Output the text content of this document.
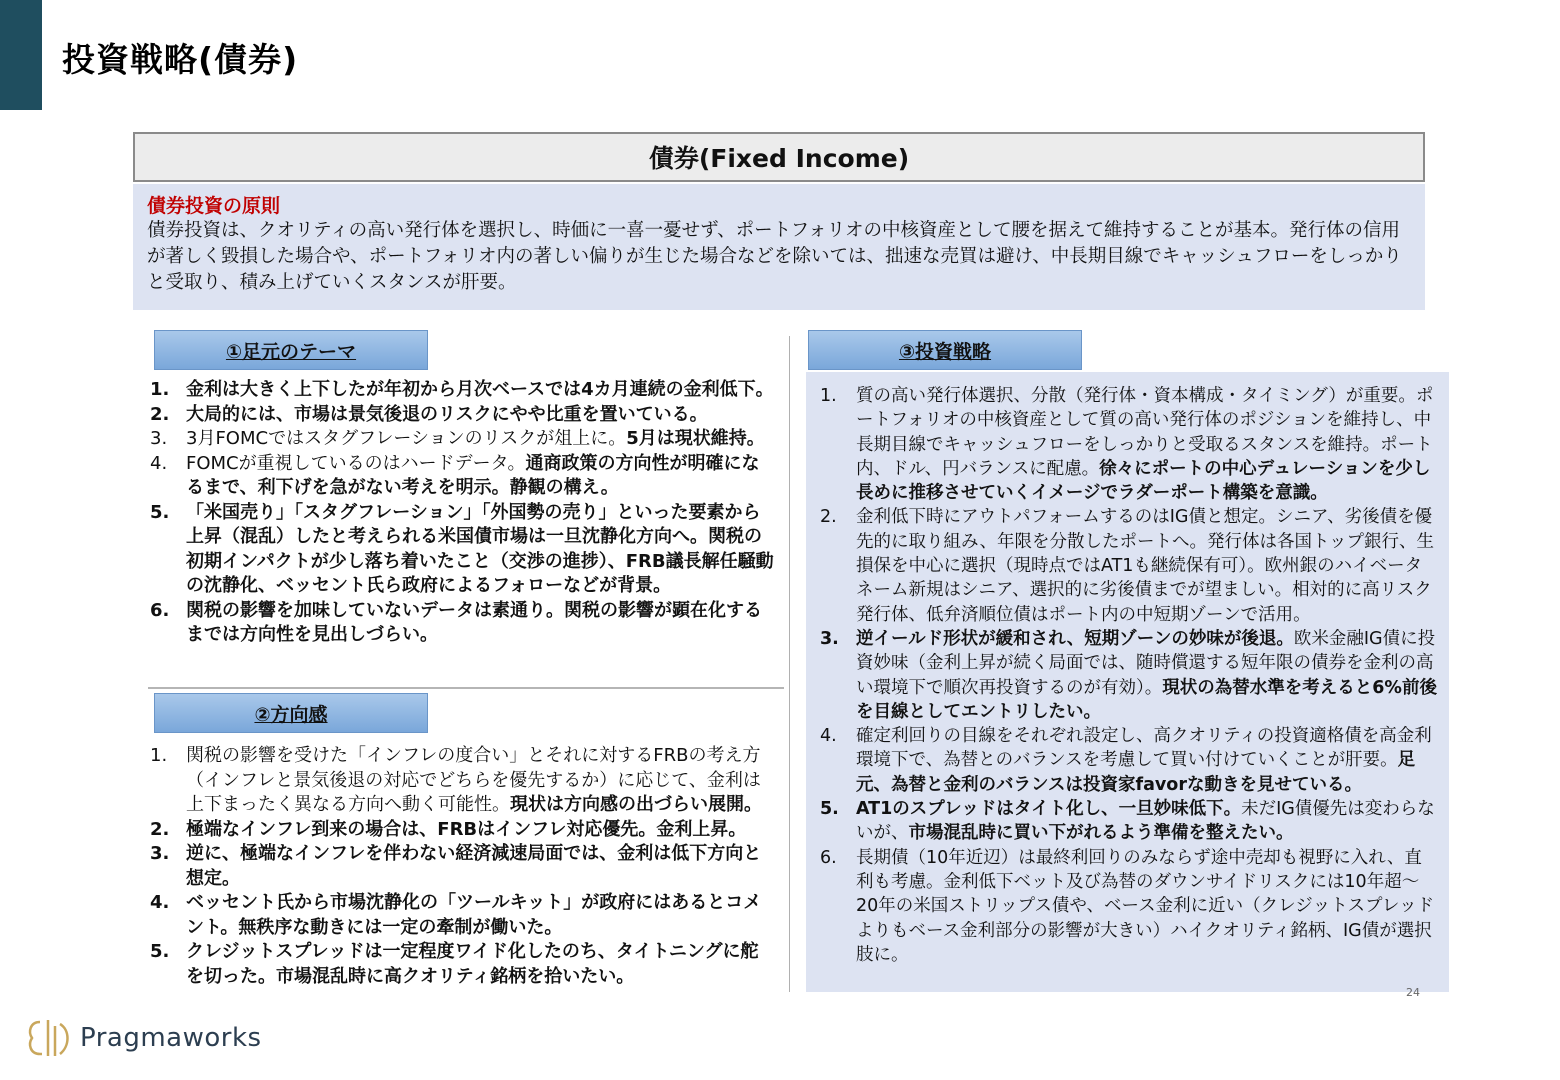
投資戦略(債券)
債券(Fixed Income)
債券投資の原則
債券投資は、クオリティの高い発行体を選択し、時価に一喜一憂せず、ポートフォリオの中核資産として腰を据えて維持することが基本。発行体の信用が著しく毀損した場合や、ポートフォリオ内の著しい偏りが生じた場合などを除いては、拙速な売買は避け、中長期目線でキャッシュフローをしっかりと受取り、積み上げていくスタンスが肝要。
①足元のテーマ
②方向感
③投資戦略
1. 金利は大きく上下したが年初から月次ベースでは4カ月連続の金利低下。
2. 大局的には、市場は景気後退のリスクにやや比重を置いている。
3. 3月FOMCではスタグフレーションのリスクが俎上に。5月は現状維持。
4. FOMCが重視しているのはハードデータ。通商政策の方向性が明確になるまで、利下げを急がない考えを明示。静観の構え。
5. 「米国売り」「スタグフレーション」「外国勢の売り」といった要素から上昇（混乱）したと考えられる米国債市場は一旦沈静化方向へ。関税の初期インパクトが少し落ち着いたこと（交渉の進捗）、FRB議長解任騒動の沈静化、ベッセント氏ら政府によるフォローなどが背景。
6. 関税の影響を加味していないデータは素通り。関税の影響が顕在化するまでは方向性を見出しづらい。
1. 関税の影響を受けた「インフレの度合い」とそれに対するFRBの考え方（インフレと景気後退の対応でどちらを優先するか）に応じて、金利は上下まったく異なる方向へ動く可能性。現状は方向感の出づらい展開。
2. 極端なインフレ到来の場合は、FRBはインフレ対応優先。金利上昇。
3. 逆に、極端なインフレを伴わない経済減速局面では、金利は低下方向と想定。
4. ベッセント氏から市場沈静化の「ツールキット」が政府にはあるとコメント。無秩序な動きには一定の牽制が働いた。
5. クレジットスプレッドは一定程度ワイド化したのち、タイトニングに舵を切った。市場混乱時に高クオリティ銘柄を拾いたい。
1. 質の高い発行体選択、分散（発行体・資本構成・タイミング）が重要。ポートフォリオの中核資産として質の高い発行体のポジションを維持し、中長期目線でキャッシュフローをしっかりと受取るスタンスを維持。ポート内、ドル、円バランスに配慮。徐々にポートの中心デュレーションを少し長めに推移させていくイメージでラダーポート構築を意識。
2. 金利低下時にアウトパフォームするのはIG債と想定。シニア、劣後債を優先的に取り組み、年限を分散したポートへ。発行体は各国トップ銀行、生損保を中心に選択（現時点ではAT1も継続保有可）。欧州銀のハイベータネーム新規はシニア、選択的に劣後債までが望ましい。相対的に高リスク発行体、低弁済順位債はポート内の中短期ゾーンで活用。
3. 逆イールド形状が緩和され、短期ゾーンの妙味が後退。欧米金融IG債に投資妙味（金利上昇が続く局面では、随時償還する短年限の債券を金利の高い環境下で順次再投資するのが有効）。現状の為替水準を考えると6%前後を目線としてエントリしたい。
4. 確定利回りの目線をそれぞれ設定し、高クオリティの投資適格債を高金利環境下で、為替とのバランスを考慮して買い付けていくことが肝要。足元、為替と金利のバランスは投資家favorな動きを見せている。
5. AT1のスプレッドはタイト化し、一旦妙味低下。未だIG債優先は変わらないが、市場混乱時に買い下がれるよう準備を整えたい。
6. 長期債（10年近辺）は最終利回りのみならず途中売却も視野に入れ、直利も考慮。金利低下ベット及び為替のダウンサイドリスクには10年超～20年の米国ストリップス債や、ベース金利に近い（クレジットスプレッドよりもベース金利部分の影響が大きい）ハイクオリティ銘柄、IG債が選択肢に。
24
Pragmaworks
